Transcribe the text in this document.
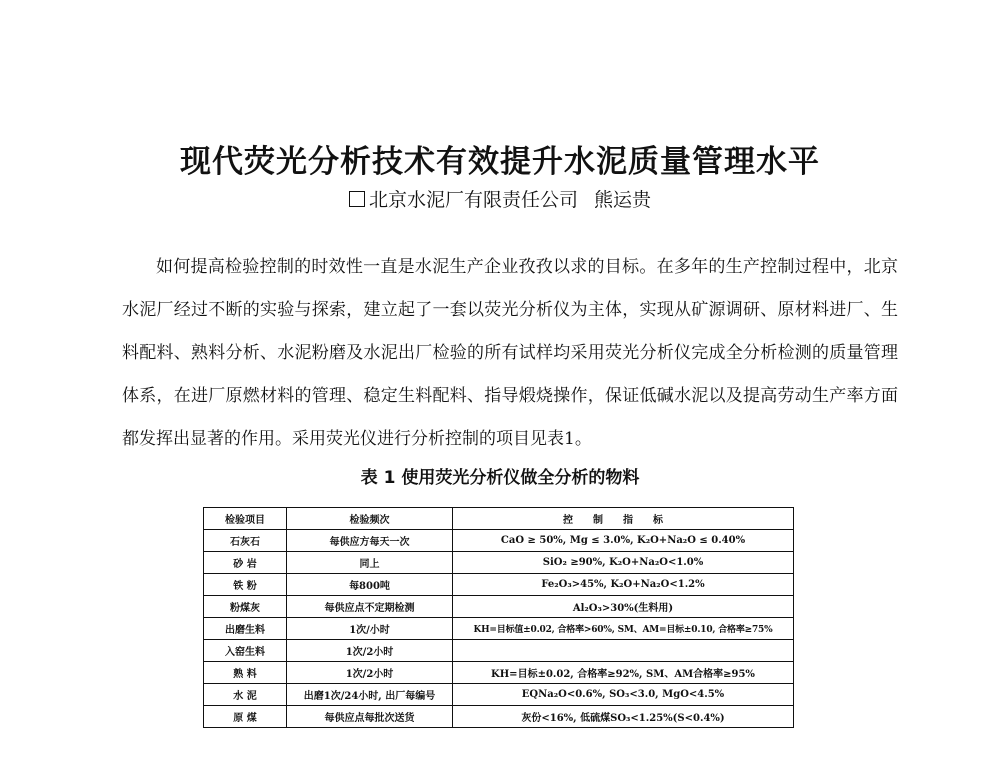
现代荧光分析技术有效提升水泥质量管理水平
北京水泥厂有限责任公司 熊运贵

如何提高检验控制的时效性一直是水泥生产企业孜孜以求的目标。在多年的生产控制过程中，北京水泥厂经过不断的实验与探索，建立起了一套以荧光分析仪为主体，实现从矿源调研、原材料进厂、生料配料、熟料分析、水泥粉磨及水泥出厂检验的所有试样均采用荧光分析仪完成全分析检测的质量管理体系，在进厂原燃材料的管理、稳定生料配料、指导煅烧操作，保证低碱水泥以及提高劳动生产率方面都发挥出显著的作用。采用荧光仪进行分析控制的项目见表1。

表 1 使用荧光分析仪做全分析的物料
检验项目	检验频次	控制指标
石灰石	每供应方每天一次	CaO ≥ 50%, Mg ≤ 3.0%, K₂O+Na₂O ≤ 0.40%
砂 岩	同上	SiO₂ ≥90%, K₂O+Na₂O<1.0%
铁 粉	每800吨	Fe₂O₃>45%, K₂O+Na₂O<1.2%
粉煤灰	每供应点不定期检测	Al₂O₃>30%(生料用)
出磨生料	1次/小时	KH=目标值±0.02, 合格率>60%, SM、AM=目标±0.10, 合格率≥75%
入窑生料	1次/2小时	
熟 料	1次/2小时	KH=目标±0.02, 合格率≥92%, SM、AM合格率≥95%
水 泥	出磨1次/24小时, 出厂每编号	EQNa₂O<0.6%, SO₃<3.0, MgO<4.5%
原 煤	每供应点每批次送货	灰份<16%, 低硫煤SO₃<1.25%(S<0.4%)
